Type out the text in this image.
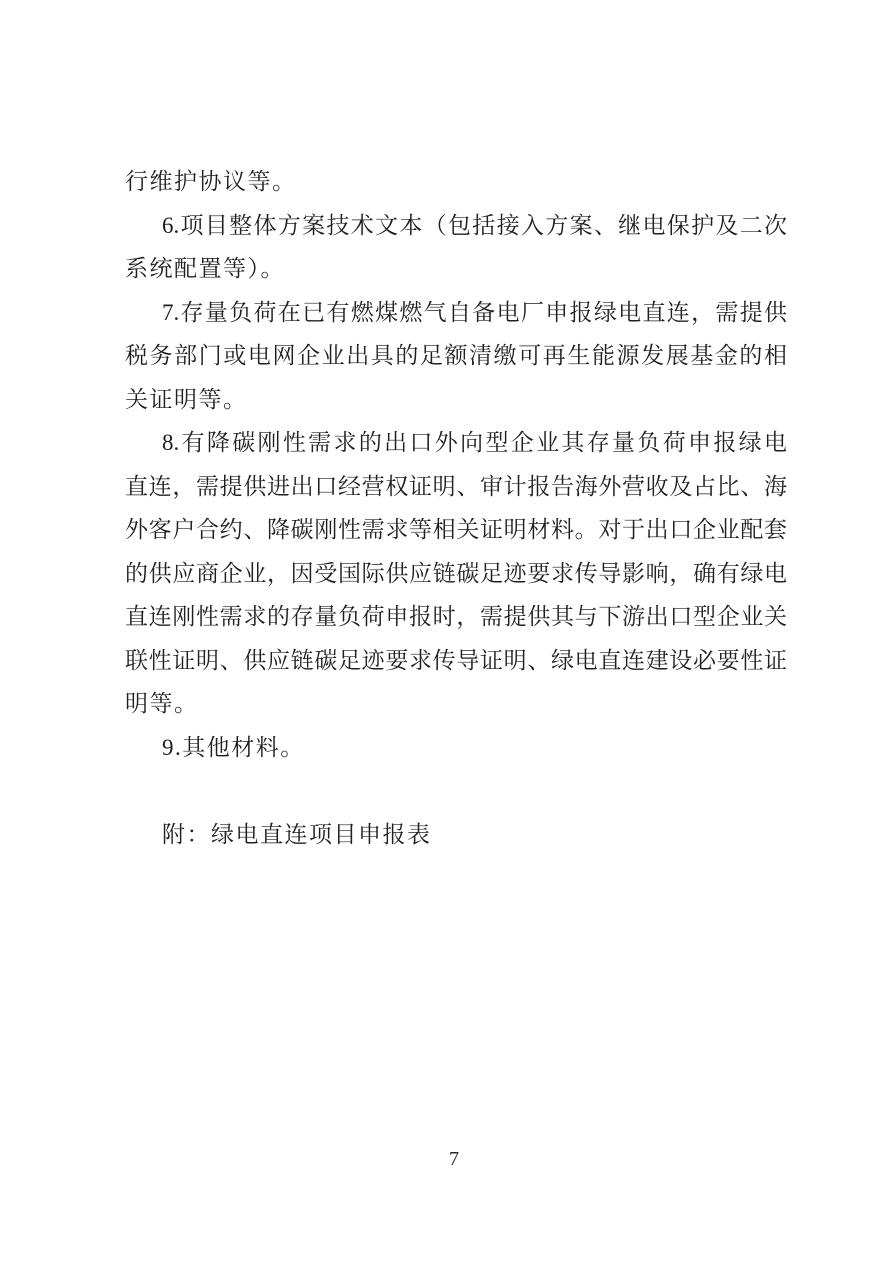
行维护协议等。
6.项目整体方案技术文本（包括接入方案、继电保护及二次
系统配置等）。
7.存量负荷在已有燃煤燃气自备电厂申报绿电直连，需提供
税务部门或电网企业出具的足额清缴可再生能源发展基金的相
关证明等。
8.有降碳刚性需求的出口外向型企业其存量负荷申报绿电
直连，需提供进出口经营权证明、审计报告海外营收及占比、海
外客户合约、降碳刚性需求等相关证明材料。对于出口企业配套
的供应商企业，因受国际供应链碳足迹要求传导影响，确有绿电
直连刚性需求的存量负荷申报时，需提供其与下游出口型企业关
联性证明、供应链碳足迹要求传导证明、绿电直连建设必要性证
明等。
9.其他材料。
附：绿电直连项目申报表
7
